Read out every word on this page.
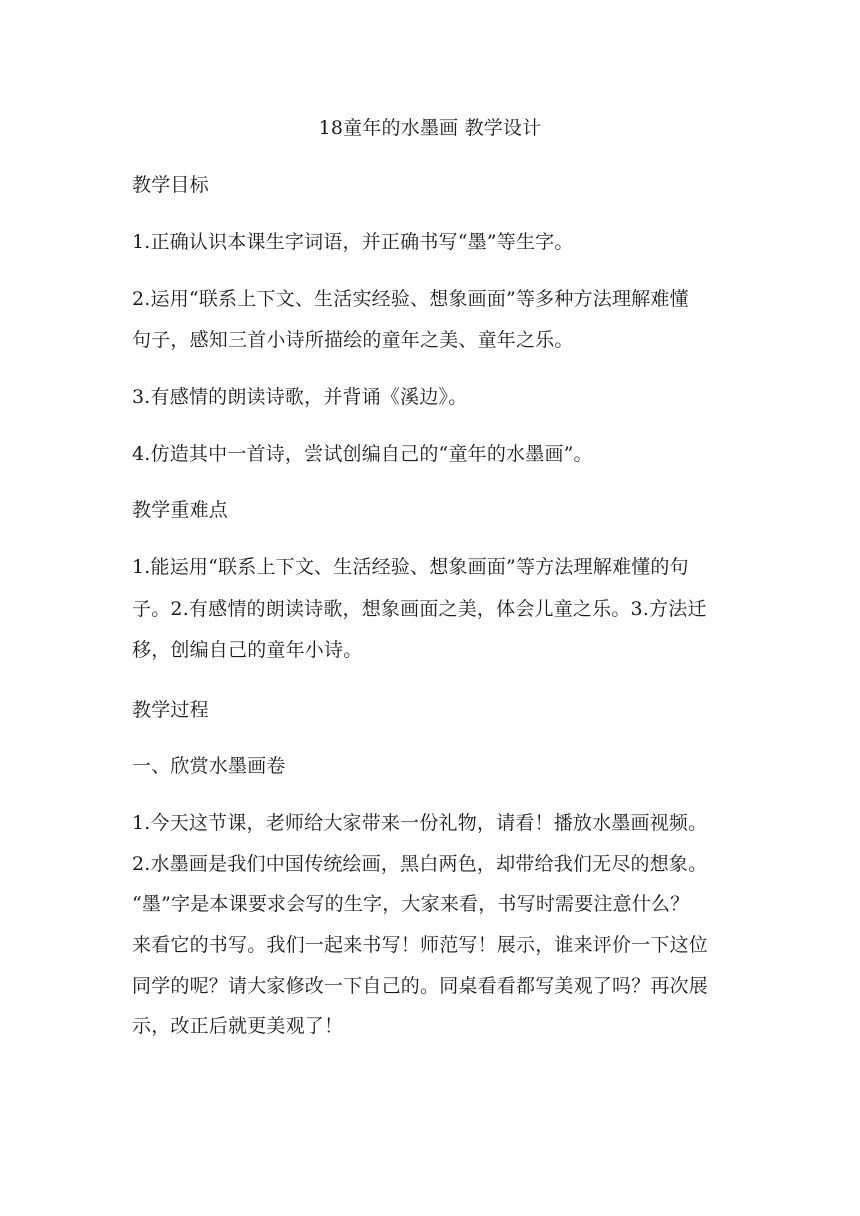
18童年的水墨画 教学设计

教学目标

1.正确认识本课生字词语，并正确书写“墨”等生字。

2.运用“联系上下文、生活实经验、想象画面”等多种方法理解难懂

句子，感知三首小诗所描绘的童年之美、童年之乐。

3.有感情的朗读诗歌，并背诵《溪边》。

4.仿造其中一首诗，尝试创编自己的“童年的水墨画”。

教学重难点

1.能运用“联系上下文、生活经验、想象画面”等方法理解难懂的句

子。2.有感情的朗读诗歌，想象画面之美，体会儿童之乐。3.方法迁

移，创编自己的童年小诗。

教学过程

一、欣赏水墨画卷

1.今天这节课，老师给大家带来一份礼物，请看！播放水墨画视频。

2.水墨画是我们中国传统绘画，黑白两色，却带给我们无尽的想象。

“墨”字是本课要求会写的生字，大家来看，书写时需要注意什么？

来看它的书写。我们一起来书写！师范写！展示，谁来评价一下这位

同学的呢？请大家修改一下自己的。同桌看看都写美观了吗？再次展

示，改正后就更美观了！
